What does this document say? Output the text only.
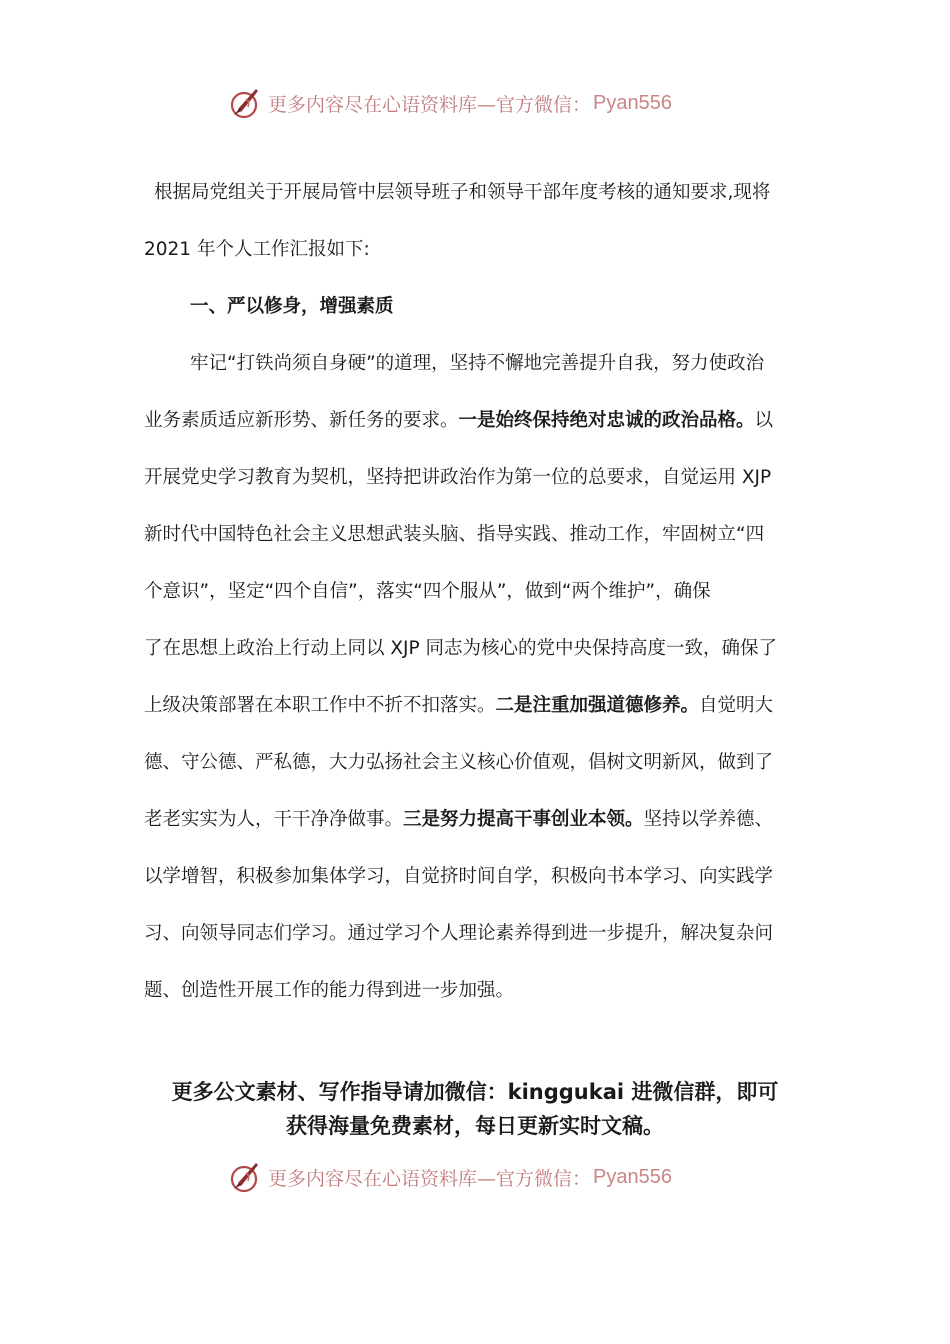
更多内容尽在心语资料库—官方微信： Pyan556
根据局党组关于开展局管中层领导班子和领导干部年度考核的通知要求,现将
2021 年个人工作汇报如下:
一、严以修身，增强素质
牢记“打铁尚须自身硬”的道理，坚持不懈地完善提升自我，努力使政治
业务素质适应新形势、新任务的要求。一是始终保持绝对忠诚的政治品格。以
开展党史学习教育为契机，坚持把讲政治作为第一位的总要求，自觉运用 XJP
新时代中国特色社会主义思想武装头脑、指导实践、推动工作，牢固树立“四
个意识”，坚定“四个自信”，落实“四个服从”，做到“两个维护”，确保
了在思想上政治上行动上同以 XJP 同志为核心的党中央保持高度一致，确保了
上级决策部署在本职工作中不折不扣落实。二是注重加强道德修养。自觉明大
德、守公德、严私德，大力弘扬社会主义核心价值观，倡树文明新风，做到了
老老实实为人，干干净净做事。三是努力提高干事创业本领。坚持以学养德、
以学增智，积极参加集体学习，自觉挤时间自学，积极向书本学习、向实践学
习、向领导同志们学习。通过学习个人理论素养得到进一步提升，解决复杂问
题、创造性开展工作的能力得到进一步加强。
更多公文素材、写作指导请加微信：kinggukai 进微信群，即可
获得海量免费素材，每日更新实时文稿。
更多内容尽在心语资料库—官方微信： Pyan556
